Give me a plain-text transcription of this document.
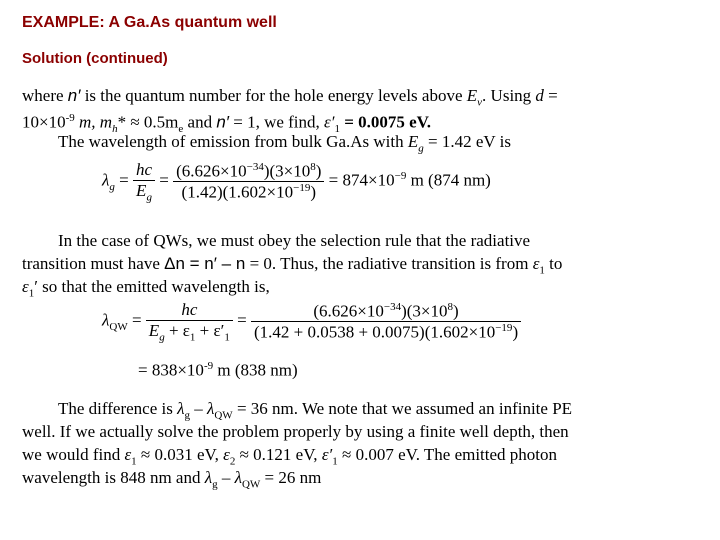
EXAMPLE: A Ga.As quantum well
Solution (continued)
where n′ is the quantum number for the hole energy levels above $E_v$. Using d =
$10\times 10^{-9}$ m, $m_h* \approx 0.5m_e$ and n′ = 1, we find, $\varepsilon'_1 = 0.0075$ eV.
The wavelength of emission from bulk Ga.As with $E_g = 1.42$ eV is
$\lambda_g = \frac{hc}{E_g} = \frac{(6.626\times 10^{-34})(3\times 10^8)}{(1.42)(1.602\times 10^{-19})} = 874\times 10^{-9}$ m (874 nm)
In the case of QWs, we must obey the selection rule that the radiative
transition must have Δn = n′ – n = 0. Thus, the radiative transition is from $\varepsilon_1$ to
$\varepsilon_1'$ so that the emitted wavelength is,
$\lambda_{QW} = \frac{hc}{E_g + \varepsilon_1 + \varepsilon'_1} = \frac{(6.626\times 10^{-34})(3\times 10^8)}{(1.42 + 0.0538 + 0.0075)(1.602\times 10^{-19})}$
= $838\times 10^{-9}$ m (838 nm)
The difference is $\lambda_g - \lambda_{QW} = 36$ nm. We note that we assumed an infinite PE
well. If we actually solve the problem properly by using a finite well depth, then
we would find $\varepsilon_1 \approx 0.031$ eV, $\varepsilon_2 \approx 0.121$ eV, $\varepsilon'_1 \approx 0.007$ eV. The emitted photon
wavelength is 848 nm and $\lambda_g - \lambda_{QW} = 26$ nm
